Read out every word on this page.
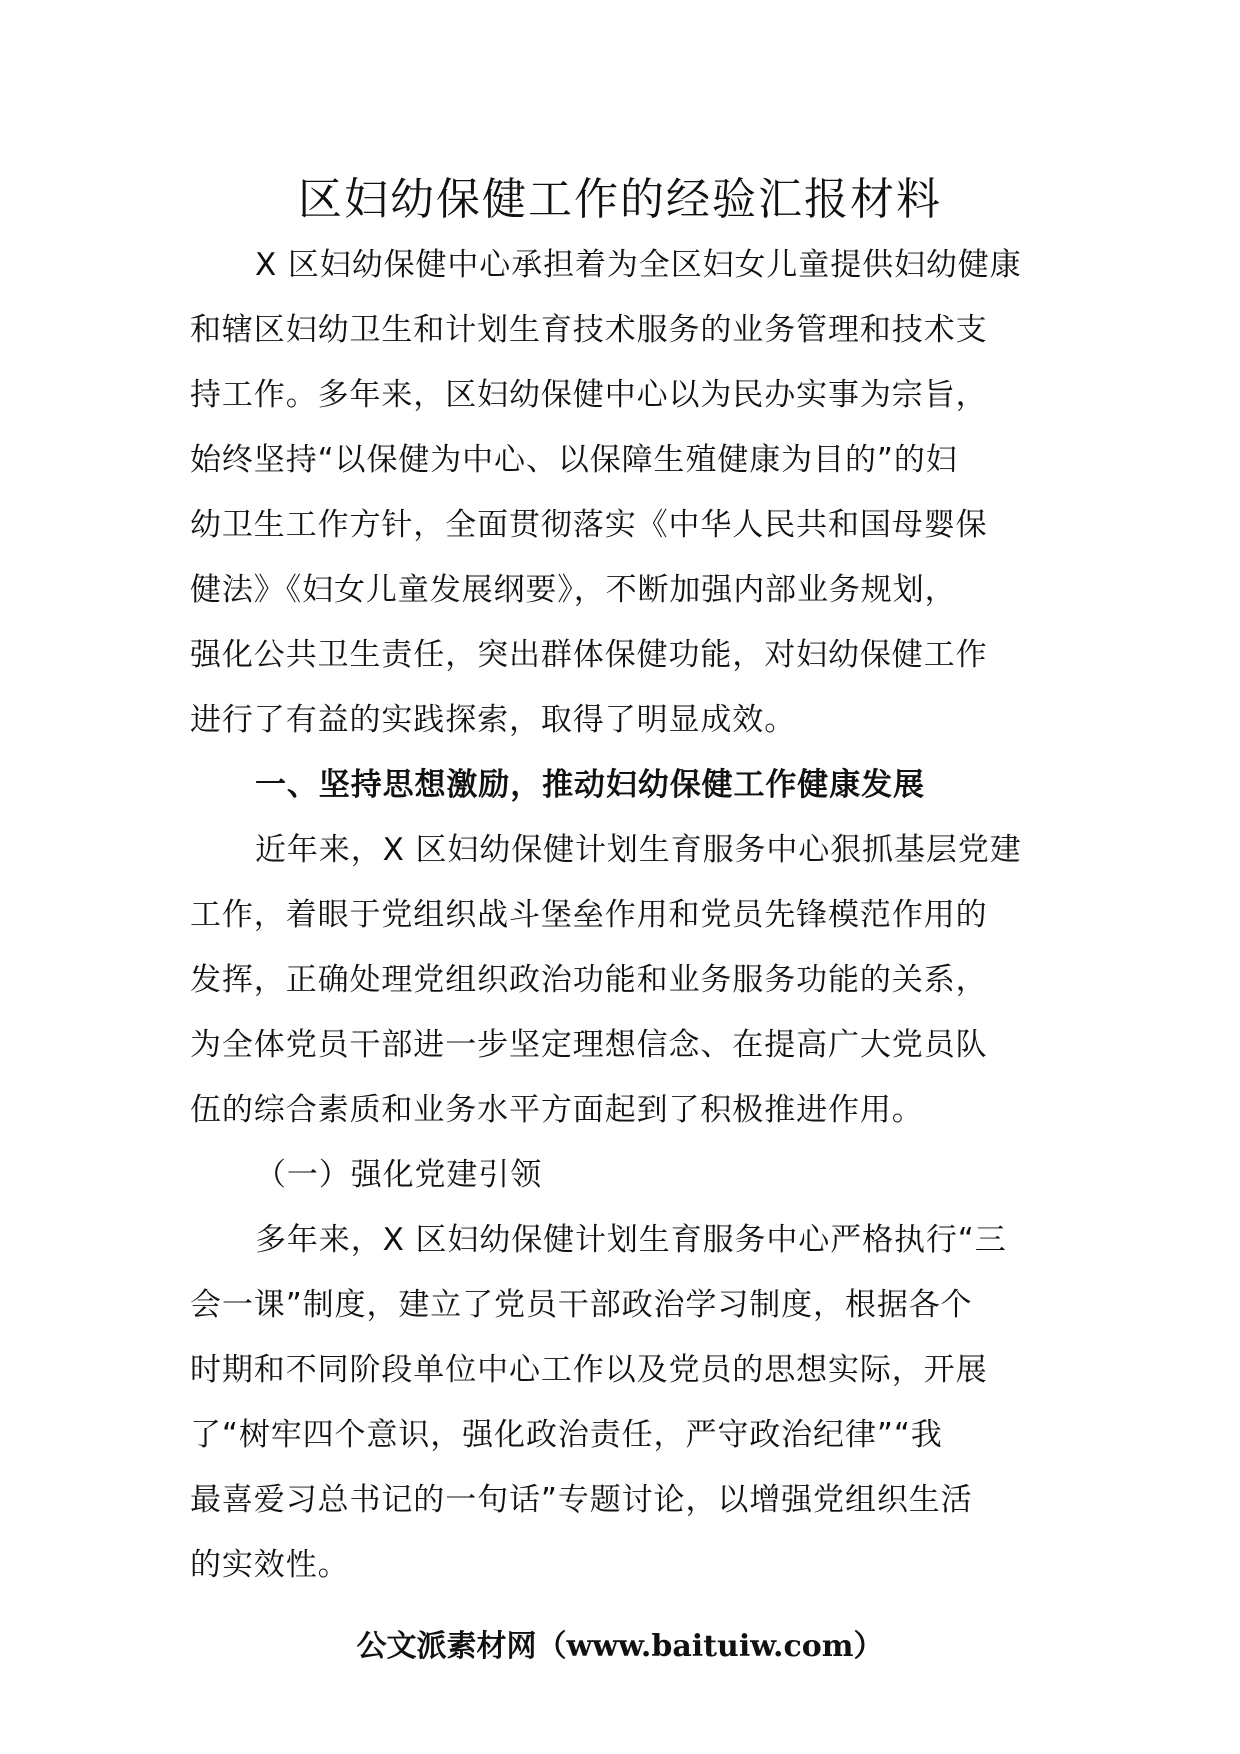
区妇幼保健工作的经验汇报材料
X 区妇幼保健中心承担着为全区妇女儿童提供妇幼健康
和辖区妇幼卫生和计划生育技术服务的业务管理和技术支
持工作。多年来，区妇幼保健中心以为民办实事为宗旨，
始终坚持“以保健为中心、以保障生殖健康为目的”的妇
幼卫生工作方针，全面贯彻落实《中华人民共和国母婴保
健法》《妇女儿童发展纲要》，不断加强内部业务规划，
强化公共卫生责任，突出群体保健功能，对妇幼保健工作
进行了有益的实践探索，取得了明显成效。
一、坚持思想激励，推动妇幼保健工作健康发展
近年来，X 区妇幼保健计划生育服务中心狠抓基层党建
工作，着眼于党组织战斗堡垒作用和党员先锋模范作用的
发挥，正确处理党组织政治功能和业务服务功能的关系，
为全体党员干部进一步坚定理想信念、在提高广大党员队
伍的综合素质和业务水平方面起到了积极推进作用。
（一）强化党建引领
多年来，X 区妇幼保健计划生育服务中心严格执行“三
会一课”制度，建立了党员干部政治学习制度，根据各个
时期和不同阶段单位中心工作以及党员的思想实际，开展
了“树牢四个意识，强化政治责任，严守政治纪律”“我
最喜爱习总书记的一句话”专题讨论，以增强党组织生活
的实效性。
公文派素材网（www.baituiw.com）
